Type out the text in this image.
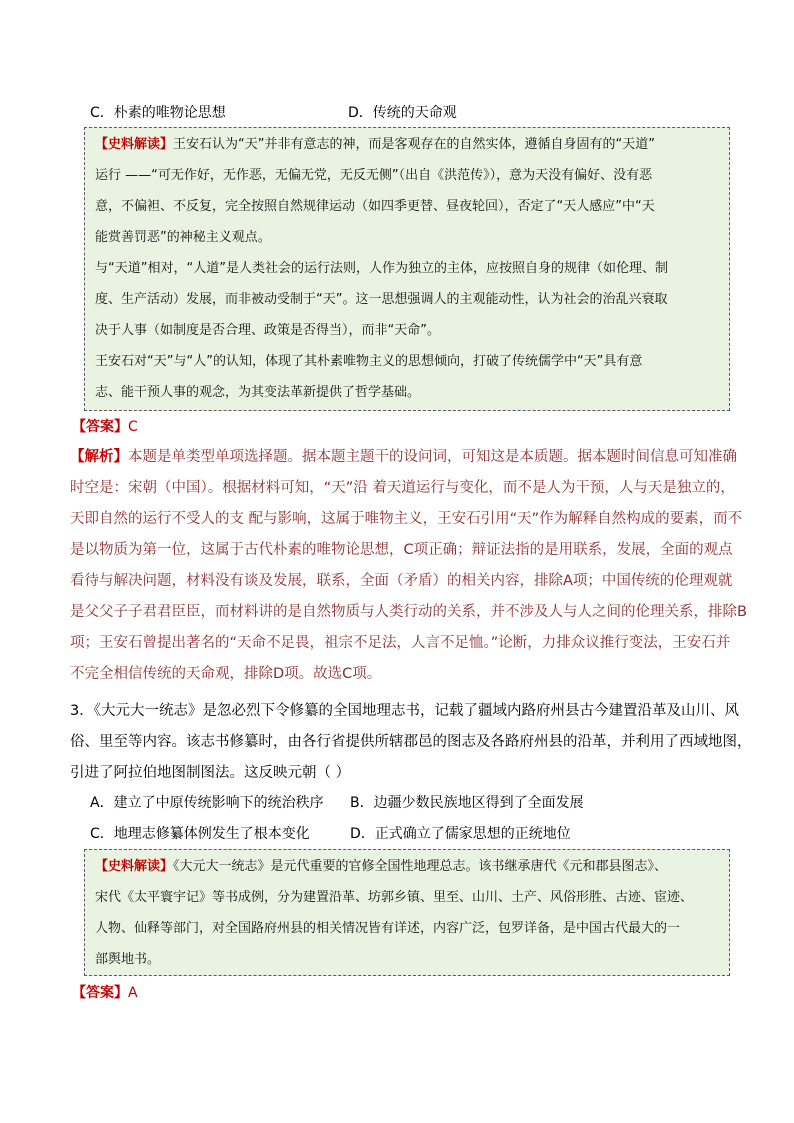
C．朴素的唯物论思想	D．传统的天命观
【史料解读】王安石认为“天”并非有意志的神，而是客观存在的自然实体，遵循自身固有的“天道”
运行 ——“可无作好，无作恶，无偏无党，无反无侧”（出自《洪范传》），意为天没有偏好、没有恶
意，不偏袒、不反复，完全按照自然规律运动（如四季更替、昼夜轮回），否定了“天人感应”中“天
能赏善罚恶”的神秘主义观点。
与“天道”相对，“人道”是人类社会的运行法则，人作为独立的主体，应按照自身的规律（如伦理、制
度、生产活动）发展，而非被动受制于“天”。这一思想强调人的主观能动性，认为社会的治乱兴衰取
决于人事（如制度是否合理、政策是否得当），而非“天命”。
王安石对“天”与“人”的认知，体现了其朴素唯物主义的思想倾向，打破了传统儒学中“天”具有意
志、能干预人事的观念，为其变法革新提供了哲学基础。
【答案】C
【解析】本题是单类型单项选择题。据本题主题干的设问词，可知这是本质题。据本题时间信息可知准确
时空是：宋朝（中国）。根据材料可知，“天”沿 着天道运行与变化，而不是人为干预，人与天是独立的，
天即自然的运行不受人的支 配与影响，这属于唯物主义，王安石引用“天”作为解释自然构成的要素，而不
是以物质为第一位，这属于古代朴素的唯物论思想，C项正确；辩证法指的是用联系，发展，全面的观点
看待与解决问题，材料没有谈及发展，联系，全面（矛盾）的相关内容，排除A项；中国传统的伦理观就
是父父子子君君臣臣，而材料讲的是自然物质与人类行动的关系，并不涉及人与人之间的伦理关系，排除B
项；王安石曾提出著名的“天命不足畏，祖宗不足法，人言不足恤。”论断，力排众议推行变法，王安石并
不完全相信传统的天命观，排除D项。故选C项。
3．《大元大一统志》是忽必烈下令修纂的全国地理志书，记载了疆域内路府州县古今建置沿革及山川、风
俗、里至等内容。该志书修纂时，由各行省提供所辖郡邑的图志及各路府州县的沿革，并利用了西域地图，
引进了阿拉伯地图制图法。这反映元朝（ ）
A．建立了中原传统影响下的统治秩序 B．边疆少数民族地区得到了全面发展
C．地理志修纂体例发生了根本变化	D．正式确立了儒家思想的正统地位
【史料解读】《大元大一统志》是元代重要的官修全国性地理总志。该书继承唐代《元和郡县图志》、
宋代《太平寰宇记》等书成例，分为建置沿革、坊郭乡镇、里至、山川、土产、风俗形胜、古迹、宦迹、
人物、仙释等部门，对全国路府州县的相关情况皆有详述，内容广泛，包罗详备，是中国古代最大的一
部舆地书。
【答案】A
